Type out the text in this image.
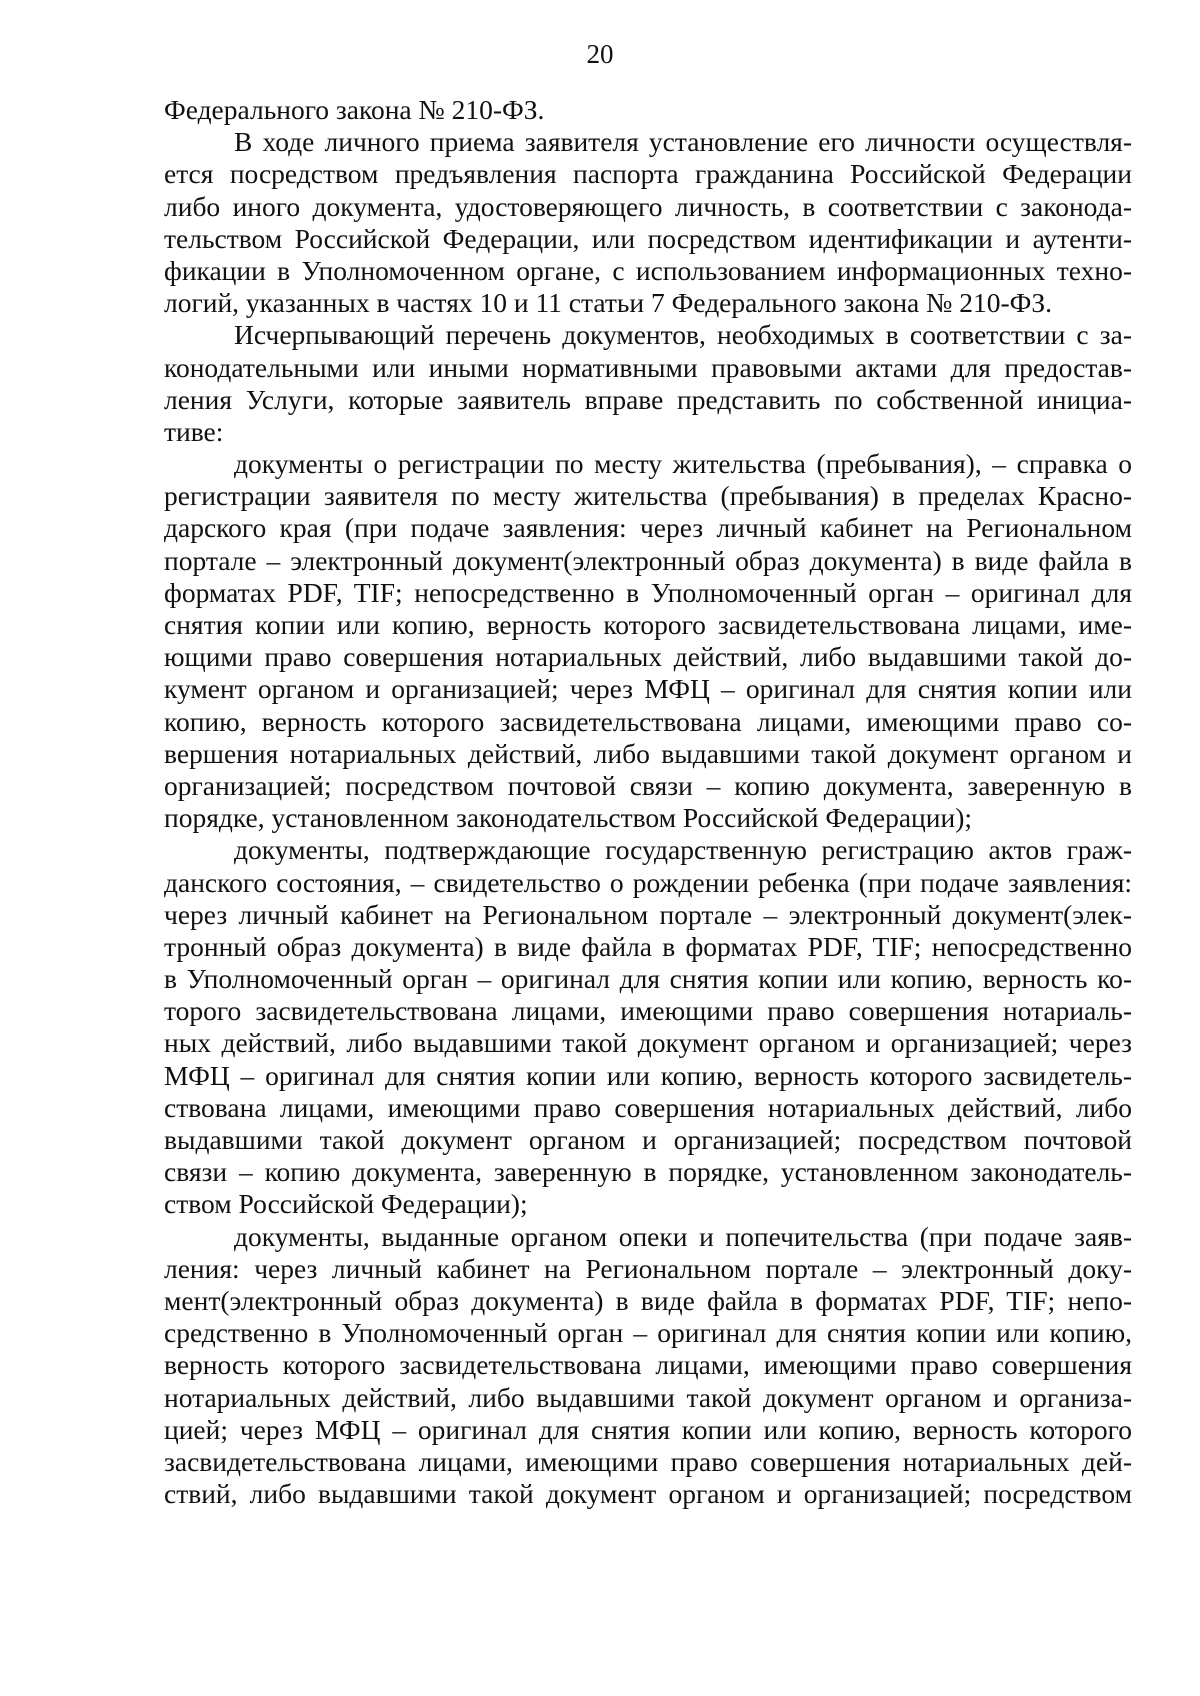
20
Федерального закона № 210-ФЗ.
В ходе личного приема заявителя установление его личности осуществля-
ется посредством предъявления паспорта гражданина Российской Федерации
либо иного документа, удостоверяющего личность, в соответствии с законода-
тельством Российской Федерации, или посредством идентификации и аутенти-
фикации в Уполномоченном органе, с использованием информационных техно-
логий, указанных в частях 10 и 11 статьи 7 Федерального закона № 210-ФЗ.
Исчерпывающий перечень документов, необходимых в соответствии с за-
конодательными или иными нормативными правовыми актами для предостав-
ления Услуги, которые заявитель вправе представить по собственной инициа-
тиве:
документы о регистрации по месту жительства (пребывания), – справка о
регистрации заявителя по месту жительства (пребывания) в пределах Красно-
дарского края (при подаче заявления: через личный кабинет на Региональном
портале – электронный документ(электронный образ документа) в виде файла в
форматах PDF, TIF; непосредственно в Уполномоченный орган – оригинал для
снятия копии или копию, верность которого засвидетельствована лицами, име-
ющими право совершения нотариальных действий, либо выдавшими такой до-
кумент органом и организацией; через МФЦ – оригинал для снятия копии или
копию, верность которого засвидетельствована лицами, имеющими право со-
вершения нотариальных действий, либо выдавшими такой документ органом и
организацией; посредством почтовой связи – копию документа, заверенную в
порядке, установленном законодательством Российской Федерации);
документы, подтверждающие государственную регистрацию актов граж-
данского состояния, – свидетельство о рождении ребенка (при подаче заявления:
через личный кабинет на Региональном портале – электронный документ(элек-
тронный образ документа) в виде файла в форматах PDF, TIF; непосредственно
в Уполномоченный орган – оригинал для снятия копии или копию, верность ко-
торого засвидетельствована лицами, имеющими право совершения нотариаль-
ных действий, либо выдавшими такой документ органом и организацией; через
МФЦ – оригинал для снятия копии или копию, верность которого засвидетель-
ствована лицами, имеющими право совершения нотариальных действий, либо
выдавшими такой документ органом и организацией; посредством почтовой
связи – копию документа, заверенную в порядке, установленном законодатель-
ством Российской Федерации);
документы, выданные органом опеки и попечительства (при подаче заяв-
ления: через личный кабинет на Региональном портале – электронный доку-
мент(электронный образ документа) в виде файла в форматах PDF, TIF; непо-
средственно в Уполномоченный орган – оригинал для снятия копии или копию,
верность которого засвидетельствована лицами, имеющими право совершения
нотариальных действий, либо выдавшими такой документ органом и организа-
цией; через МФЦ – оригинал для снятия копии или копию, верность которого
засвидетельствована лицами, имеющими право совершения нотариальных дей-
ствий, либо выдавшими такой документ органом и организацией; посредством
